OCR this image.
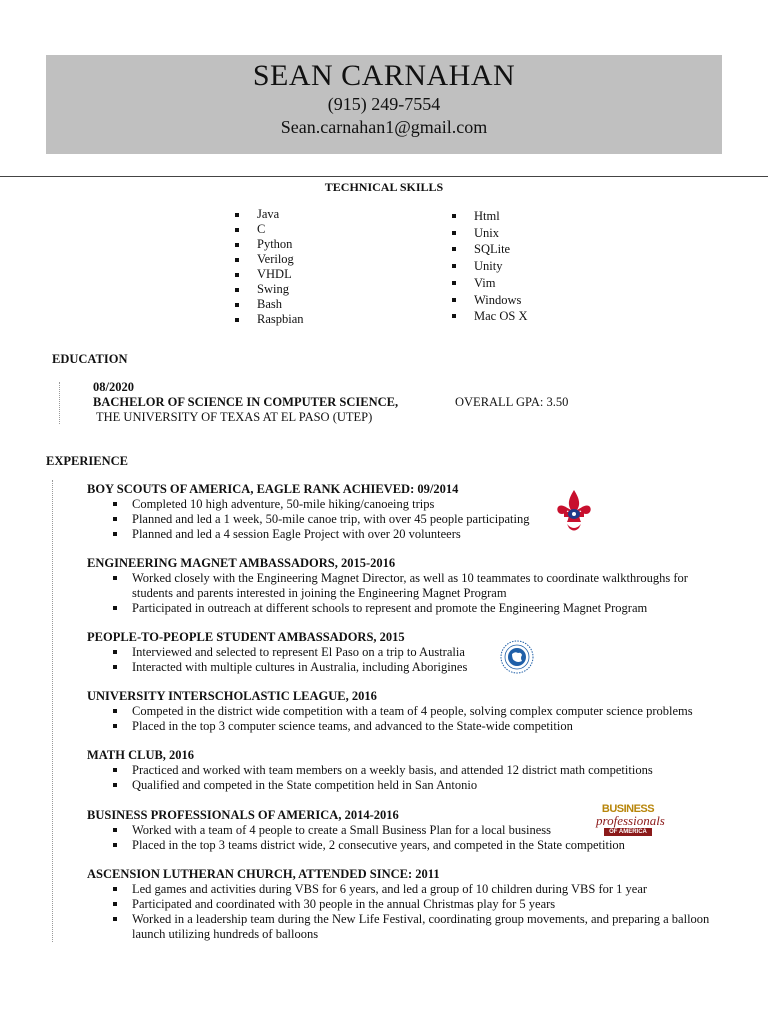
SEAN CARNAHAN
(915) 249-7554
Sean.carnahan1@gmail.com
TECHNICAL SKILLS
Java
C
Python
Verilog
VHDL
Swing
Bash
Raspbian
Html
Unix
SQLite
Unity
Vim
Windows
Mac OS X
EDUCATION
08/2020
BACHELOR OF SCIENCE IN COMPUTER SCIENCE,
THE UNIVERSITY OF TEXAS AT EL PASO (UTEP)
OVERALL GPA: 3.50
EXPERIENCE
BOY SCOUTS OF AMERICA, EAGLE RANK ACHIEVED: 09/2014
Completed 10 high adventure, 50-mile hiking/canoeing trips
Planned and led a 1 week, 50-mile canoe trip, with over 45 people participating
Planned and led a 4 session Eagle Project with over 20 volunteers
ENGINEERING MAGNET AMBASSADORS, 2015-2016
Worked closely with the Engineering Magnet Director, as well as 10 teammates to coordinate walkthroughs for students and parents interested in joining the Engineering Magnet Program
Participated in outreach at different schools to represent and promote the Engineering Magnet Program
PEOPLE-TO-PEOPLE STUDENT AMBASSADORS, 2015
Interviewed and selected to represent El Paso on a trip to Australia
Interacted with multiple cultures in Australia, including Aborigines
UNIVERSITY INTERSCHOLASTIC LEAGUE, 2016
Competed in the district wide competition with a team of 4 people, solving complex computer science problems
Placed in the top 3 computer science teams, and advanced to the State-wide competition
MATH CLUB, 2016
Practiced and worked with team members on a weekly basis, and attended 12 district math competitions
Qualified and competed in the State competition held in San Antonio
BUSINESS PROFESSIONALS OF AMERICA, 2014-2016
Worked with a team of 4 people to create a Small Business Plan for a local business
Placed in the top 3 teams district wide, 2 consecutive years, and competed in the State competition
ASCENSION LUTHERAN CHURCH, ATTENDED SINCE: 2011
Led games and activities during VBS for 6 years, and led a group of 10 children during VBS for 1 year
Participated and coordinated with 30 people in the annual Christmas play for 5 years
Worked in a leadership team during the New Life Festival, coordinating group movements, and preparing a balloon launch utilizing hundreds of balloons
BUSINESS
professionals
OF AMERICA
